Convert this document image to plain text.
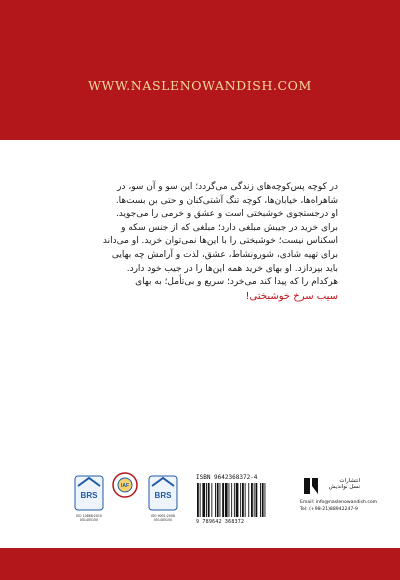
WWW.NASLENOWANDISH.COM
در کوچه پس‌کوچه‌های زندگی می‌گردد؛ این سو و آن سو، در
شاهراه‌ها، خیابان‌ها، کوچه تنگ آشتی‌کنان و حتی بن بست‌ها.
او درجستجوی خوشبختی است و عشق و خرمی را می‌جوید.
برای خرید در جیبش مبلغی دارد؛ مبلغی که از جنس سکه و
اسکناس نیست؛ خوشبختی را با این‌ها نمی‌توان خرید. او می‌داند
برای تهیه شادی، شورونشاط، عشق، لذت و آرامش چه بهایی
باید بپردازد. او بهای خرید همه این‌ها را در جیب خود دارد.
هرکدام را که پیدا کند می‌خرد؛ سریع و بی‌تأمل؛ به بهای
سیب سرخ خوشبختی!
BRS
ISO 10668:2010
051405150
IAF
BRS
ISO 9001:2008
051405150
ISBN 9642368372-4
9 789642 368372
انتشارات
نسل نواندیش
Email: info@naslenowandish.com
Tel: (+98-21)88942247-9
